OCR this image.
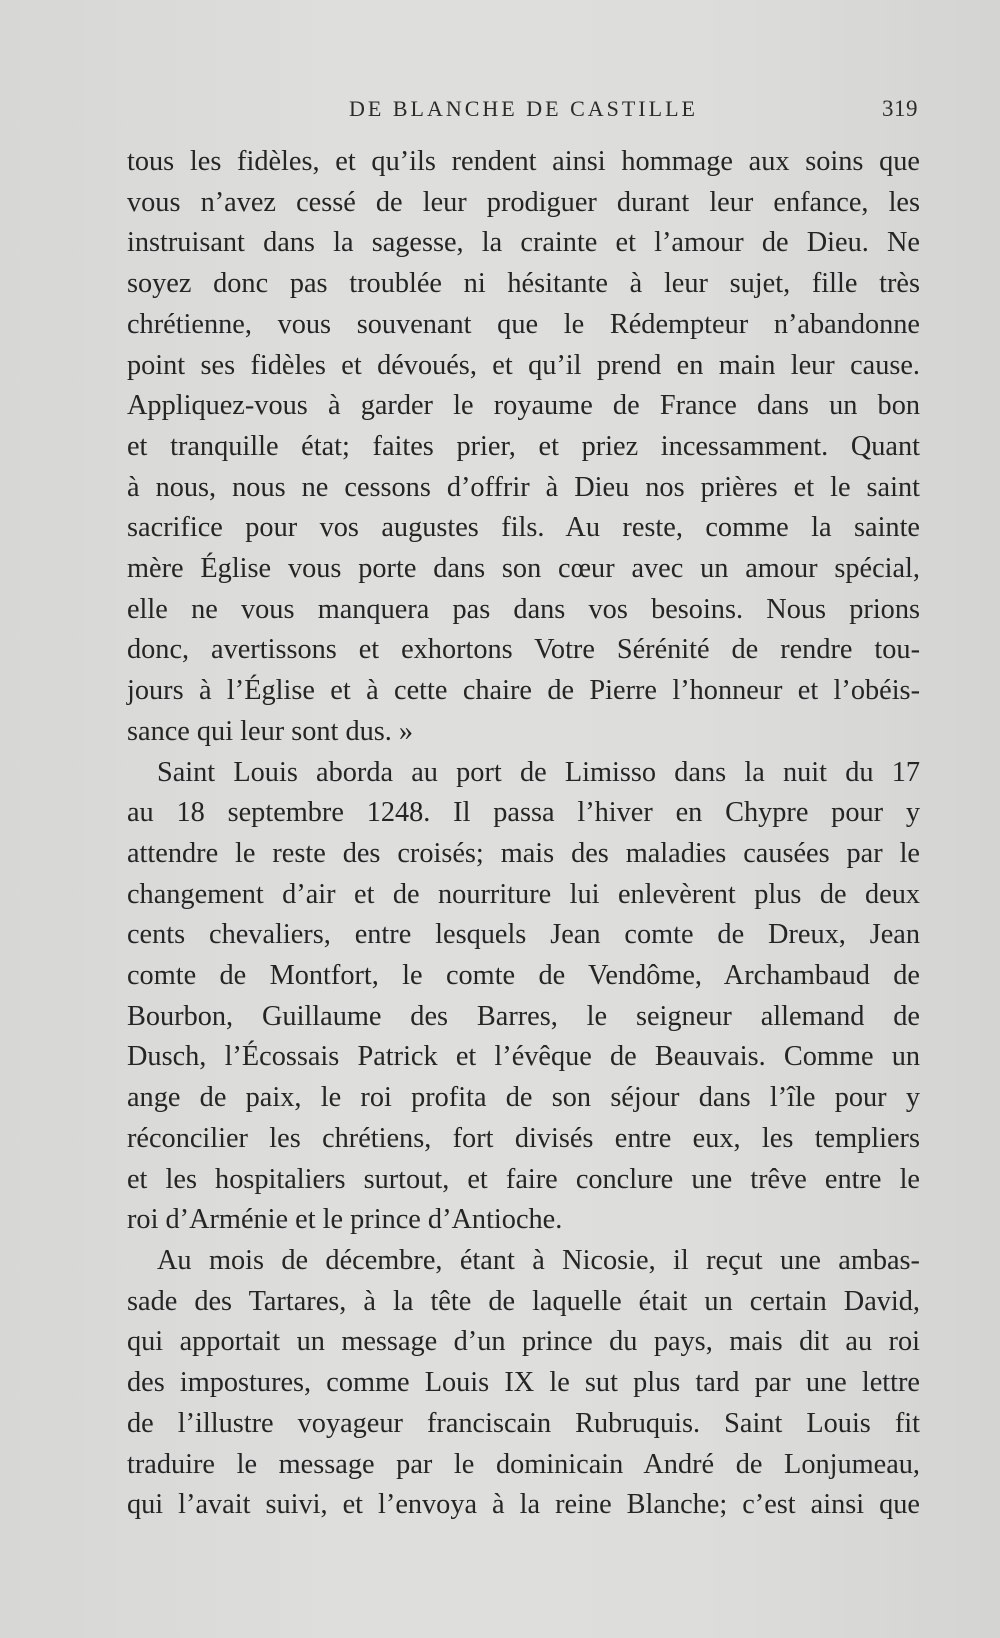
DE BLANCHE DE CASTILLE	319
tous les fidèles, et qu’ils rendent ainsi hommage aux soins que
vous n’avez cessé de leur prodiguer durant leur enfance, les
instruisant dans la sagesse, la crainte et l’amour de Dieu. Ne
soyez donc pas troublée ni hésitante à leur sujet, fille très
chrétienne, vous souvenant que le Rédempteur n’abandonne
point ses fidèles et dévoués, et qu’il prend en main leur cause.
Appliquez-vous à garder le royaume de France dans un bon
et tranquille état; faites prier, et priez incessamment. Quant
à nous, nous ne cessons d’offrir à Dieu nos prières et le saint
sacrifice pour vos augustes fils. Au reste, comme la sainte
mère Église vous porte dans son cœur avec un amour spécial,
elle ne vous manquera pas dans vos besoins. Nous prions
donc, avertissons et exhortons Votre Sérénité de rendre tou-
jours à l’Église et à cette chaire de Pierre l’honneur et l’obéis-
sance qui leur sont dus. »
Saint Louis aborda au port de Limisso dans la nuit du 17
au 18 septembre 1248. Il passa l’hiver en Chypre pour y
attendre le reste des croisés; mais des maladies causées par le
changement d’air et de nourriture lui enlevèrent plus de deux
cents chevaliers, entre lesquels Jean comte de Dreux, Jean
comte de Montfort, le comte de Vendôme, Archambaud de
Bourbon, Guillaume des Barres, le seigneur allemand de
Dusch, l’Écossais Patrick et l’évêque de Beauvais. Comme un
ange de paix, le roi profita de son séjour dans l’île pour y
réconcilier les chrétiens, fort divisés entre eux, les templiers
et les hospitaliers surtout, et faire conclure une trêve entre le
roi d’Arménie et le prince d’Antioche.
Au mois de décembre, étant à Nicosie, il reçut une ambas-
sade des Tartares, à la tête de laquelle était un certain David,
qui apportait un message d’un prince du pays, mais dit au roi
des impostures, comme Louis IX le sut plus tard par une lettre
de l’illustre voyageur franciscain Rubruquis. Saint Louis fit
traduire le message par le dominicain André de Lonjumeau,
qui l’avait suivi, et l’envoya à la reine Blanche; c’est ainsi que
